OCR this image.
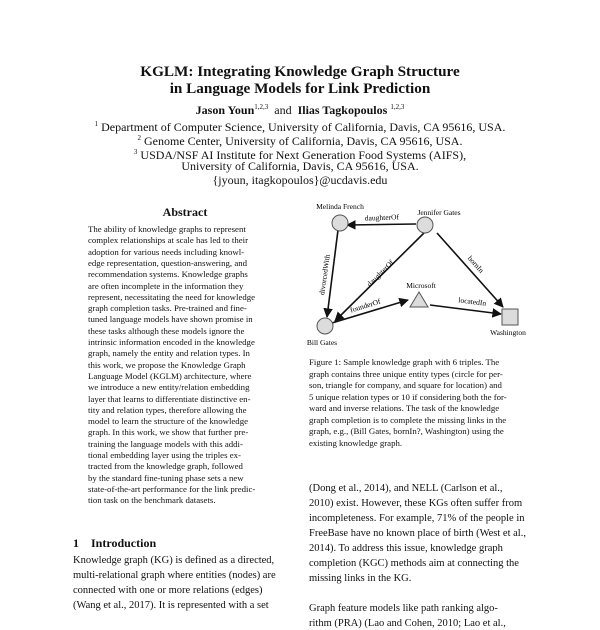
KGLM: Integrating Knowledge Graph Structure
in Language Models for Link Prediction
Jason Youn$^{1,2,3}$ and Ilias Tagkopoulos $^{1,2,3}$
$^1$ Department of Computer Science, University of California, Davis, CA 95616, USA.
$^2$ Genome Center, University of California, Davis, CA 95616, USA.
$^3$ USDA/NSF AI Institute for Next Generation Food Systems (AIFS),
University of California, Davis, CA 95616, USA.
{jyoun, itagkopoulos}@ucdavis.edu
Abstract
The ability of knowledge graphs to represent
complex relationships at scale has led to their
adoption for various needs including knowl-
edge representation, question-answering, and
recommendation systems. Knowledge graphs
are often incomplete in the information they
represent, necessitating the need for knowledge
graph completion tasks. Pre-trained and fine-
tuned language models have shown promise in
these tasks although these models ignore the
intrinsic information encoded in the knowledge
graph, namely the entity and relation types. In
this work, we propose the Knowledge Graph
Language Model (KGLM) architecture, where
we introduce a new entity/relation embedding
layer that learns to differentiate distinctive en-
tity and relation types, therefore allowing the
model to learn the structure of the knowledge
graph. In this work, we show that further pre-
training the language models with this addi-
tional embedding layer using the triples ex-
tracted from the knowledge graph, followed
by the standard fine-tuning phase sets a new
state-of-the-art performance for the link predic-
tion task on the benchmark datasets.
1 Introduction
Knowledge graph (KG) is defined as a directed,
multi-relational graph where entities (nodes) are
connected with one or more relations (edges)
(Wang et al., 2017). It is represented with a set
Melinda French
Jennifer Gates
Microsoft
Bill Gates
Washington
daughterOf
daughterOf
divorcedWith	bornIn
founderOf	locatedIn
Figure 1: Sample knowledge graph with 6 triples. The
graph contains three unique entity types (circle for per-
son, triangle for company, and square for location) and
5 unique relation types or 10 if considering both the for-
ward and inverse relations. The task of the knowledge
graph completion is to complete the missing links in the
graph, e.g., (Bill Gates, bornIn?, Washington) using the
existing knowledge graph.
(Dong et al., 2014), and NELL (Carlson et al.,
2010) exist. However, these KGs often suffer from
incompleteness. For example, 71% of the people in
FreeBase have no known place of birth (West et al.,
2014). To address this issue, knowledge graph
completion (KGC) methods aim at connecting the
missing links in the KG.
Graph feature models like path ranking algo-
rithm (PRA) (Lao and Cohen, 2010; Lao et al.,
